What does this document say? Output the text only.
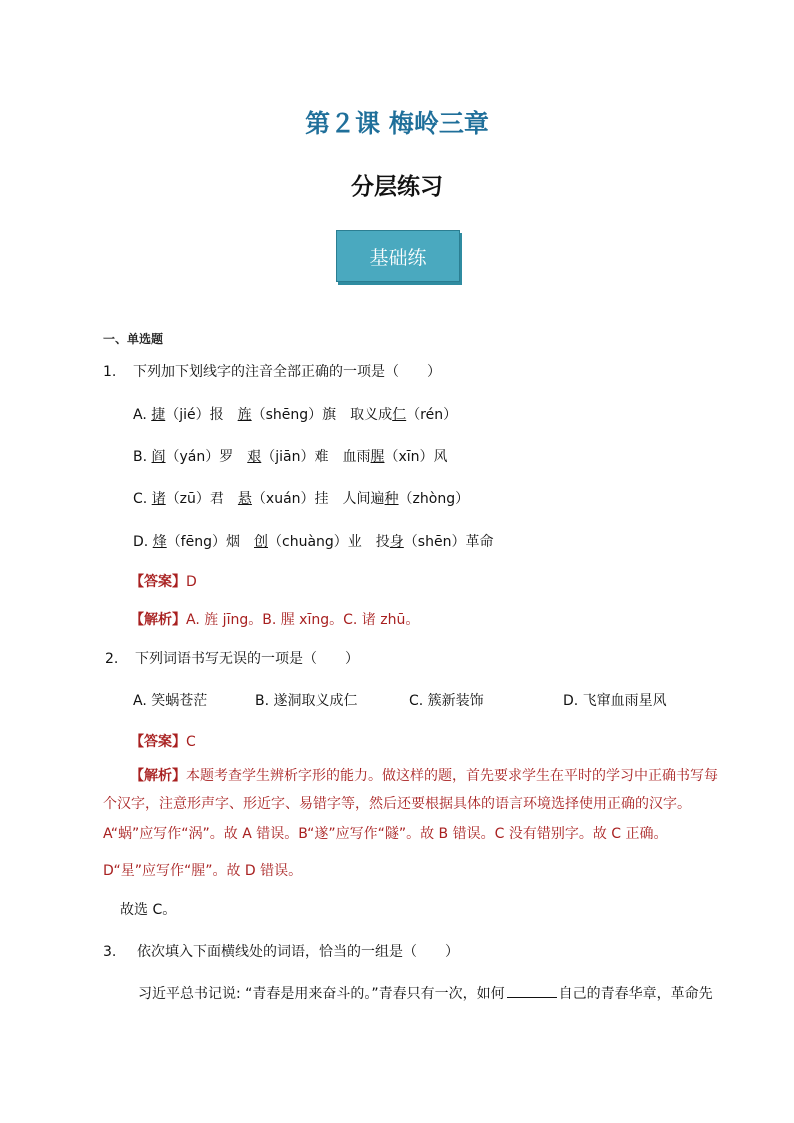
第２课 梅岭三章
分层练习
基础练
一、单选题
1. 下列加下划线字的注音全部正确的一项是（　　）
A. 捷（jié）报　旌（shēng）旗　取义成仁（rén）
B. 阎（yán）罗　艰（jiān）难　血雨腥（xīn）风
C. 诸（zū）君　悬（xuán）挂　人间遍种（zhòng）
D. 烽（fēng）烟　创（chuàng）业　投身（shēn）革命
【答案】D
【解析】A. 旌 jīng。B. 腥 xīng。C. 诸 zhū。
2. 下列词语书写无误的一项是（　　）
A. 笑蜗苍茫	B. 遂洞取义成仁	C. 簇新装饰	D. 飞窜血雨星风
【答案】C
【解析】本题考查学生辨析字形的能力。做这样的题，首先要求学生在平时的学习中正确书写每
个汉字，注意形声字、形近字、易错字等，然后还要根据具体的语言环境选择使用正确的汉字。
A“蜗”应写作“涡”。故 A 错误。B“遂”应写作“隧”。故 B 错误。C 没有错别字。故 C 正确。
D“星”应写作“腥”。故 D 错误。
故选 C。
3. 依次填入下面横线处的词语，恰当的一组是（　　）
习近平总书记说: “青春是用来奋斗的。”青春只有一次，如何	自己的青春华章，革命先
